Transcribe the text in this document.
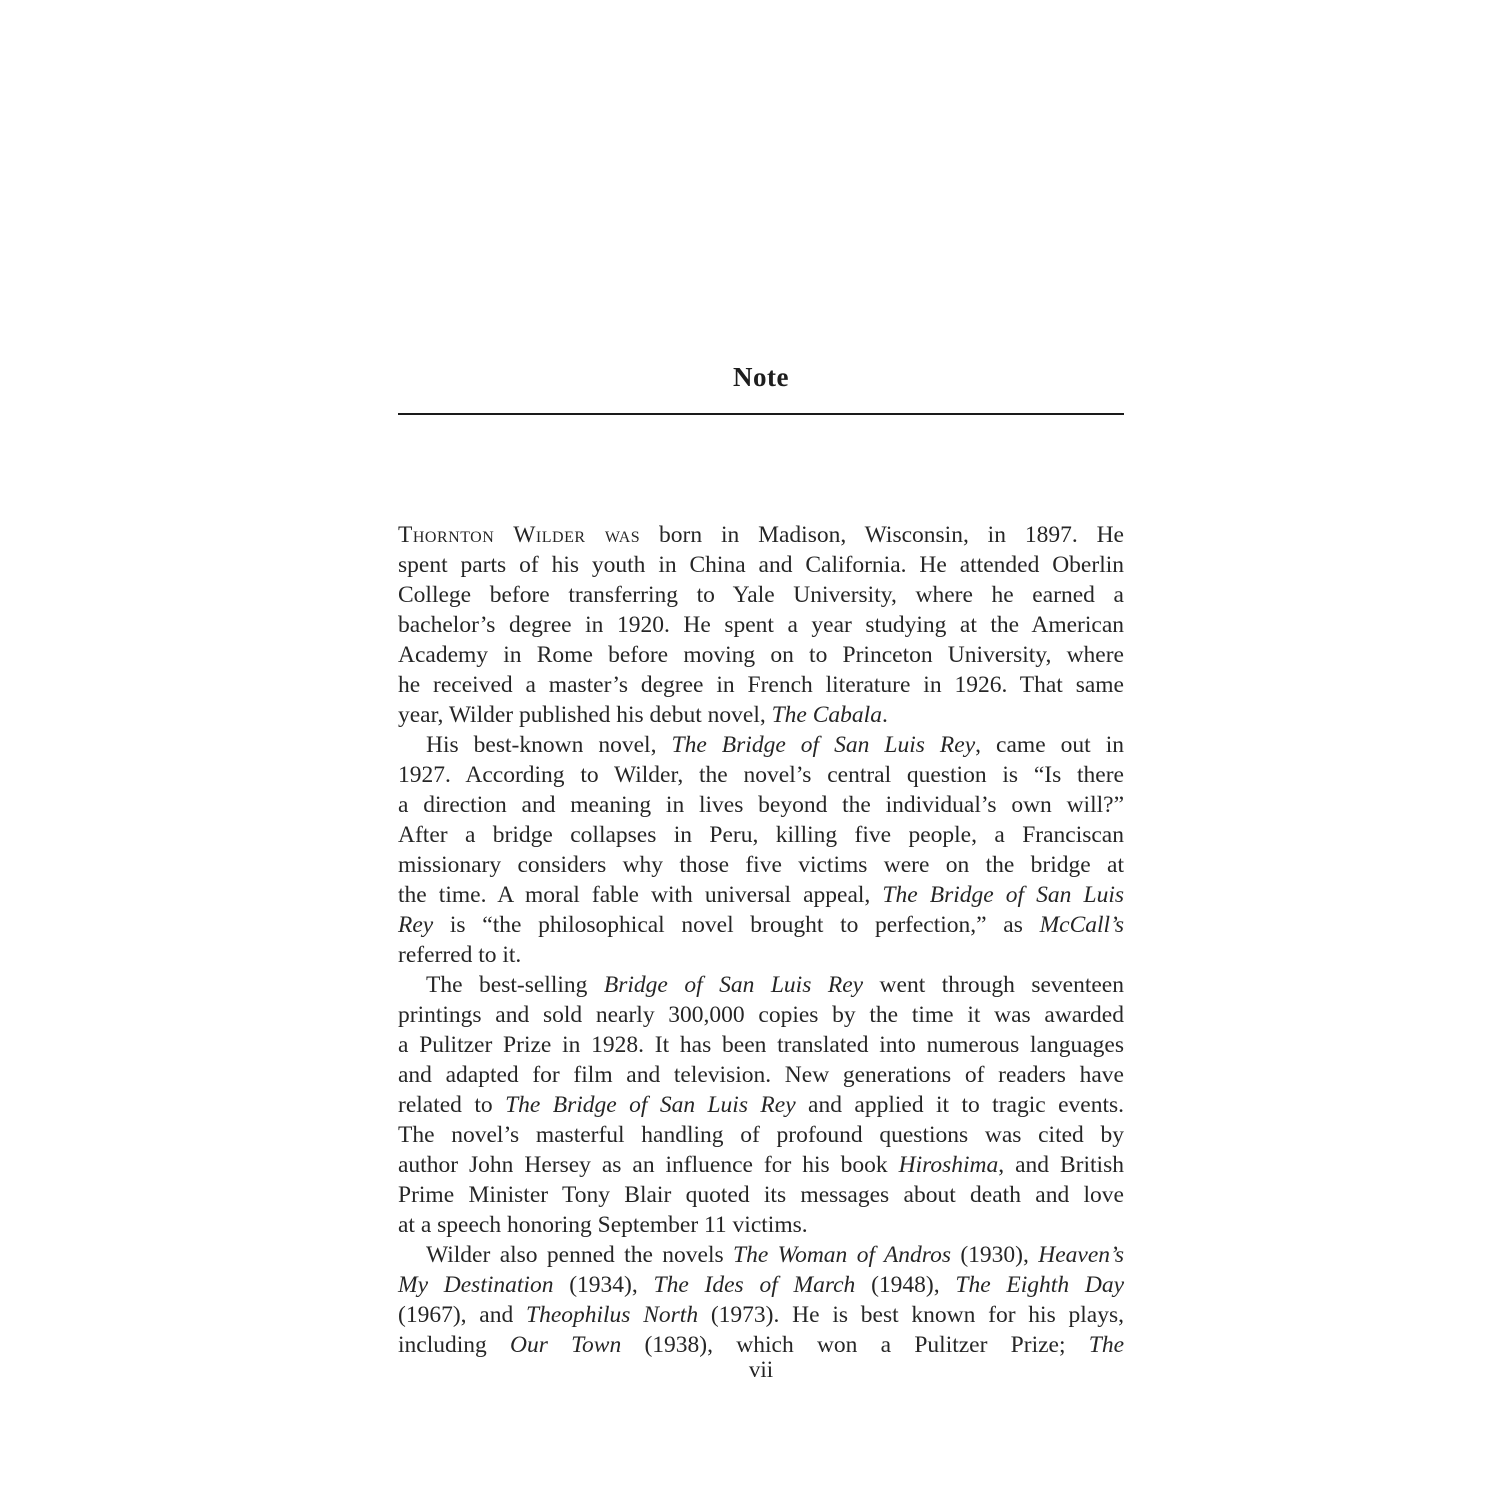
Note
Thornton Wilder was born in Madison, Wisconsin, in 1897. He
spent parts of his youth in China and California. He attended Oberlin
College before transferring to Yale University, where he earned a
bachelor’s degree in 1920. He spent a year studying at the American
Academy in Rome before moving on to Princeton University, where
he received a master’s degree in French literature in 1926. That same
year, Wilder published his debut novel, The Cabala.
His best-known novel, The Bridge of San Luis Rey, came out in
1927. According to Wilder, the novel’s central question is “Is there
a direction and meaning in lives beyond the individual’s own will?”
After a bridge collapses in Peru, killing five people, a Franciscan
missionary considers why those five victims were on the bridge at
the time. A moral fable with universal appeal, The Bridge of San Luis
Rey is “the philosophical novel brought to perfection,” as McCall’s
referred to it.
The best-selling Bridge of San Luis Rey went through seventeen
printings and sold nearly 300,000 copies by the time it was awarded
a Pulitzer Prize in 1928. It has been translated into numerous languages
and adapted for film and television. New generations of readers have
related to The Bridge of San Luis Rey and applied it to tragic events.
The novel’s masterful handling of profound questions was cited by
author John Hersey as an influence for his book Hiroshima, and British
Prime Minister Tony Blair quoted its messages about death and love
at a speech honoring September 11 victims.
Wilder also penned the novels The Woman of Andros (1930), Heaven’s
My Destination (1934), The Ides of March (1948), The Eighth Day
(1967), and Theophilus North (1973). He is best known for his plays,
including Our Town (1938), which won a Pulitzer Prize; The
vii
